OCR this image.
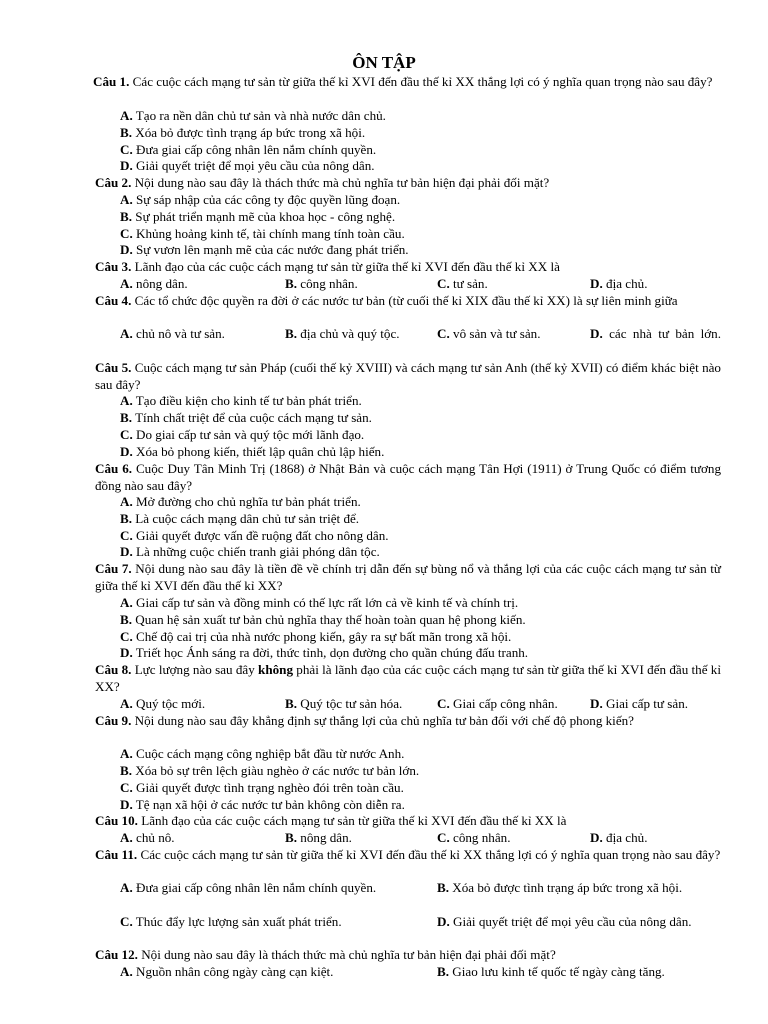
ÔN TẬP
Câu 1. Các cuộc cách mạng tư sản từ giữa thế kỉ XVI đến đầu thế kỉ XX thắng lợi có ý nghĩa quan trọng nào sau đây?
A. Tạo ra nền dân chủ tư sản và nhà nước dân chủ.
B. Xóa bỏ được tình trạng áp bức trong xã hội.
C. Đưa giai cấp công nhân lên nắm chính quyền.
D. Giải quyết triệt để mọi yêu cầu của nông dân.
Câu 2. Nội dung nào sau đây là thách thức mà chủ nghĩa tư bản hiện đại phải đối mặt?
A. Sự sáp nhập của các công ty độc quyền lũng đoạn.
B. Sự phát triển mạnh mẽ của khoa học - công nghệ.
C. Khủng hoảng kinh tế, tài chính mang tính toàn cầu.
D. Sự vươn lên mạnh mẽ của các nước đang phát triển.
Câu 3. Lãnh đạo của các cuộc cách mạng tư sản từ giữa thế kỉ XVI đến đầu thế kỉ XX là
A. nông dân.	B. công nhân.	C. tư sản.	D. địa chủ.
Câu 4. Các tổ chức độc quyền ra đời ở các nước tư bản (từ cuối thế kỉ XIX đầu thế kỉ XX) là sự liên minh giữa
A. chủ nô và tư sản.	B. địa chủ và quý tộc.	C. vô sản và tư sản.	D. các nhà tư bản lớn.
Câu 5. Cuộc cách mạng tư sản Pháp (cuối thế kỷ XVIII) và cách mạng tư sản Anh (thế kỷ XVII) có điểm khác biệt nào sau đây?
A. Tạo điều kiện cho kinh tế tư bản phát triển.
B. Tính chất triệt để của cuộc cách mạng tư sản.
C. Do giai cấp tư sản và quý tộc mới lãnh đạo.
D. Xóa bỏ phong kiến, thiết lập quân chủ lập hiến.
Câu 6. Cuộc Duy Tân Minh Trị (1868) ở Nhật Bản và cuộc cách mạng Tân Hợi (1911) ở Trung Quốc có điểm tương đồng nào sau đây?
A. Mở đường cho chủ nghĩa tư bản phát triển.
B. Là cuộc cách mạng dân chủ tư sản triệt để.
C. Giải quyết được vấn đề ruộng đất cho nông dân.
D. Là những cuộc chiến tranh giải phóng dân tộc.
Câu 7. Nội dung nào sau đây là tiền đề về chính trị dẫn đến sự bùng nổ và thắng lợi của các cuộc cách mạng tư sản từ giữa thế kỉ XVI đến đầu thế kỉ XX?
A. Giai cấp tư sản và đồng minh có thế lực rất lớn cả về kinh tế và chính trị.
B. Quan hệ sản xuất tư bản chủ nghĩa thay thế hoàn toàn quan hệ phong kiến.
C. Chế độ cai trị của nhà nước phong kiến, gây ra sự bất mãn trong xã hội.
D. Triết học Ánh sáng ra đời, thức tỉnh, dọn đường cho quần chúng đấu tranh.
Câu 8. Lực lượng nào sau đây không phải là lãnh đạo của các cuộc cách mạng tư sản từ giữa thế kỉ XVI đến đầu thế kỉ XX?
A. Quý tộc mới.	B. Quý tộc tư sản hóa.	C. Giai cấp công nhân. D. Giai cấp tư sản.
Câu 9. Nội dung nào sau đây khẳng định sự thắng lợi của chủ nghĩa tư bản đối với chế độ phong kiến?
A. Cuộc cách mạng công nghiệp bắt đầu từ nước Anh.
B. Xóa bỏ sự trên lệch giàu nghèo ở các nước tư bản lớn.
C. Giải quyết được tình trạng nghèo đói trên toàn cầu.
D. Tệ nạn xã hội ở các nước tư bản không còn diễn ra.
Câu 10. Lãnh đạo của các cuộc cách mạng tư sản từ giữa thế kỉ XVI đến đầu thế kỉ XX là
A. chủ nô.	B. nông dân.	C. công nhân.	D. địa chủ.
Câu 11. Các cuộc cách mạng tư sản từ giữa thế kỉ XVI đến đầu thế kỉ XX thắng lợi có ý nghĩa quan trọng nào sau đây?
A. Đưa giai cấp công nhân lên nắm chính quyền.	B. Xóa bỏ được tình trạng áp bức trong xã hội.
C. Thúc đẩy lực lượng sản xuất phát triển.	D. Giải quyết triệt để mọi yêu cầu của nông dân.
Câu 12. Nội dung nào sau đây là thách thức mà chủ nghĩa tư bản hiện đại phải đối mặt?
A. Nguồn nhân công ngày càng cạn kiệt.	B. Giao lưu kinh tế quốc tế ngày càng tăng.
